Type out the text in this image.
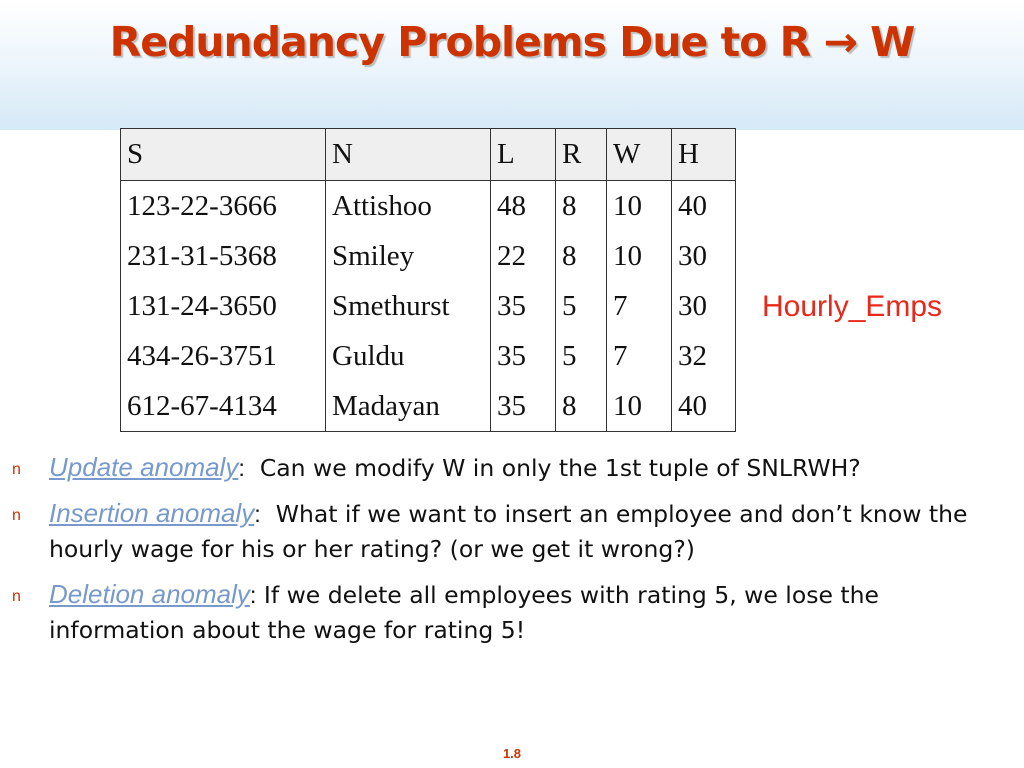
Redundancy Problems Due to R → W
S	N	L	R	W	H
123-22-3666	Attishoo	48	8	10	40
231-31-5368	Smiley	22	8	10	30
131-24-3650	Smethurst	35	5	7	30
434-26-3751	Guldu	35	5	7	32
612-67-4134	Madayan	35	8	10	40
Hourly_Emps
n Update anomaly:  Can we modify W in only the 1st tuple of SNLRWH?
n Insertion anomaly:  What if we want to insert an employee and don’t know the hourly wage for his or her rating? (or we get it wrong?)
n Deletion anomaly: If we delete all employees with rating 5, we lose the information about the wage for rating 5!
1.8
